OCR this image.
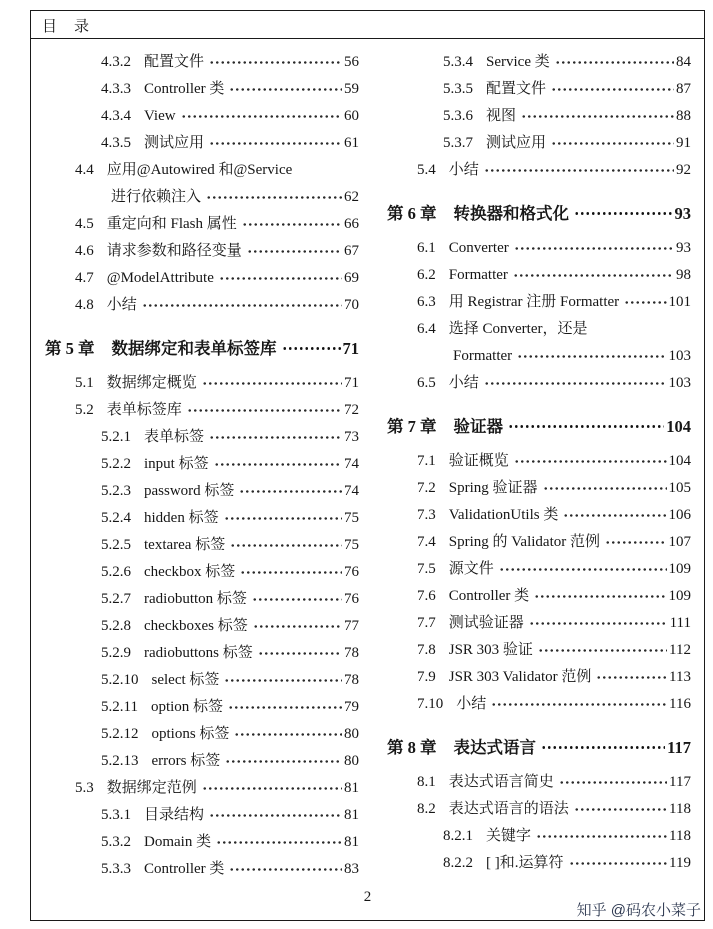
目　录
4.3.2 配置文件	56
4.3.3 Controller 类	59
4.3.4 View	60
4.3.5 测试应用	61
4.4 应用@Autowired 和@Service
进行依赖注入	62
4.5 重定向和 Flash 属性	66
4.6 请求参数和路径变量	67
4.7 @ModelAttribute	69
4.8 小结	70
第 5 章 数据绑定和表单标签库	71
5.1 数据绑定概览	71
5.2 表单标签库	72
5.2.1 表单标签	73
5.2.2 input 标签	74
5.2.3 password 标签	74
5.2.4 hidden 标签	75
5.2.5 textarea 标签	75
5.2.6 checkbox 标签	76
5.2.7 radiobutton 标签	76
5.2.8 checkboxes 标签	77
5.2.9 radiobuttons 标签	78
5.2.10 select 标签	78
5.2.11 option 标签	79
5.2.12 options 标签	80
5.2.13 errors 标签	80
5.3 数据绑定范例	81
5.3.1 目录结构	81
5.3.2 Domain 类	81
5.3.3 Controller 类	83
5.3.4 Service 类	84
5.3.5 配置文件	87
5.3.6 视图	88
5.3.7 测试应用	91
5.4 小结	92
第 6 章 转换器和格式化	93
6.1 Converter	93
6.2 Formatter	98
6.3 用 Registrar 注册 Formatter	101
6.4 选择 Converter，还是
Formatter	103
6.5 小结	103
第 7 章 验证器	104
7.1 验证概览	104
7.2 Spring 验证器	105
7.3 ValidationUtils 类	106
7.4 Spring 的 Validator 范例	107
7.5 源文件	109
7.6 Controller 类	109
7.7 测试验证器	111
7.8 JSR 303 验证	112
7.9 JSR 303 Validator 范例	113
7.10 小结	116
第 8 章 表达式语言	117
8.1 表达式语言简史	117
8.2 表达式语言的语法	118
8.2.1 关键字	118
8.2.2 [ ]和.运算符	119
2
知乎 @码农小菜子
